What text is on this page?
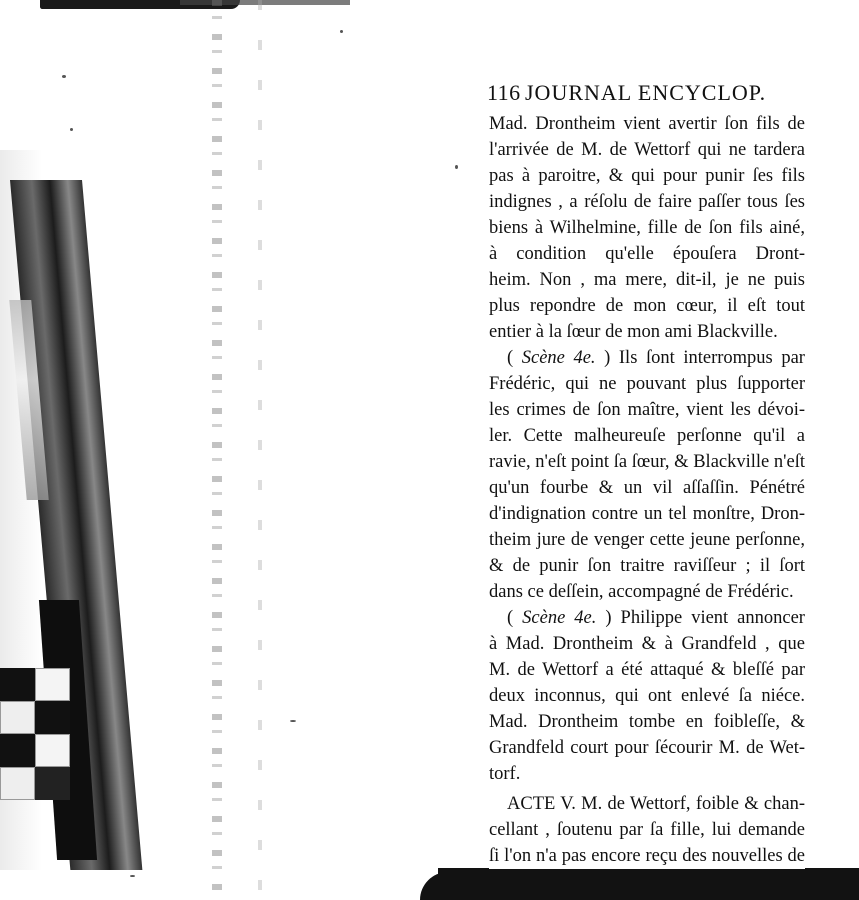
116 JOURNAL ENCYCLOP.
Mad. Drontheim vient avertir ſon fils de
l'arrivée de M. de Wettorf qui ne tardera
pas à paroitre, & qui pour punir ſes fils
indignes , a réſolu de faire paſſer tous ſes
biens à Wilhelmine, fille de ſon fils ainé,
à condition qu'elle épouſera Dront-
heim. Non , ma mere, dit-il, je ne puis
plus repondre de mon cœur, il eſt tout
entier à la ſœur de mon ami Blackville.
( Scène 4e. ) Ils ſont interrompus par
Frédéric, qui ne pouvant plus ſupporter
les crimes de ſon maître, vient les dévoi-
ler. Cette malheureuſe perſonne qu'il a
ravie, n'eſt point ſa ſœur, & Blackville n'eſt
qu'un fourbe & un vil aſſaſſin. Pénétré
d'indignation contre un tel monſtre, Dron-
theim jure de venger cette jeune perſonne,
& de punir ſon traitre raviſſeur ; il ſort
dans ce deſſein, accompagné de Frédéric.
( Scène 4e. ) Philippe vient annoncer
à Mad. Drontheim & à Grandfeld , que
M. de Wettorf a été attaqué & bleſſé par
deux inconnus, qui ont enlevé ſa niéce.
Mad. Drontheim tombe en foibleſſe, &
Grandfeld court pour ſécourir M. de Wet-
torf.
ACTE V. M. de Wettorf, foible & chan-
cellant , ſoutenu par ſa fille, lui demande
ſi l'on n'a pas encore reçu des nouvelles de
